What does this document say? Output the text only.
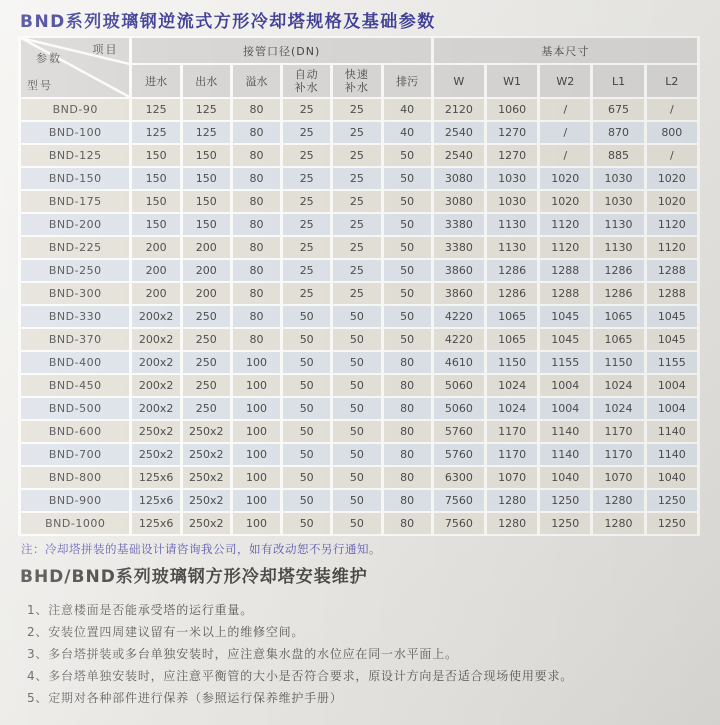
BND系列玻璃钢逆流式方形冷却塔规格及基础参数
项目
参数
型号	接管口径(DN)						基本尺寸				
	进水	出水	溢水	自动补水	快速补水	排污	W	W1	W2	L1	L2
BND-90	125	125	80	25	25	40	2120	1060	/	675	/
BND-100	125	125	80	25	25	40	2540	1270	/	870	800
BND-125	150	150	80	25	25	50	2540	1270	/	885	/
BND-150	150	150	80	25	25	50	3080	1030	1020	1030	1020
BND-175	150	150	80	25	25	50	3080	1030	1020	1030	1020
BND-200	150	150	80	25	25	50	3380	1130	1120	1130	1120
BND-225	200	200	80	25	25	50	3380	1130	1120	1130	1120
BND-250	200	200	80	25	25	50	3860	1286	1288	1286	1288
BND-300	200	200	80	25	25	50	3860	1286	1288	1286	1288
BND-330	200x2	250	80	50	50	50	4220	1065	1045	1065	1045
BND-370	200x2	250	80	50	50	50	4220	1065	1045	1065	1045
BND-400	200x2	250	100	50	50	80	4610	1150	1155	1150	1155
BND-450	200x2	250	100	50	50	80	5060	1024	1004	1024	1004
BND-500	200x2	250	100	50	50	80	5060	1024	1004	1024	1004
BND-600	250x2	250x2	100	50	50	80	5760	1170	1140	1170	1140
BND-700	250x2	250x2	100	50	50	80	5760	1170	1140	1170	1140
BND-800	125x6	250x2	100	50	50	80	6300	1070	1040	1070	1040
BND-900	125x6	250x2	100	50	50	80	7560	1280	1250	1280	1250
BND-1000	125x6	250x2	100	50	50	80	7560	1280	1250	1280	1250
注：冷却塔拼装的基础设计请咨询我公司，如有改动恕不另行通知。
BHD/BND系列玻璃钢方形冷却塔安装维护
1、注意楼面是否能承受塔的运行重量。
2、安装位置四周建议留有一米以上的维修空间。
3、多台塔拼装或多台单独安装时，应注意集水盘的水位应在同一水平面上。
4、多台塔单独安装时，应注意平衡管的大小是否符合要求，原设计方向是否适合现场使用要求。
5、定期对各种部件进行保养（参照运行保养维护手册）
